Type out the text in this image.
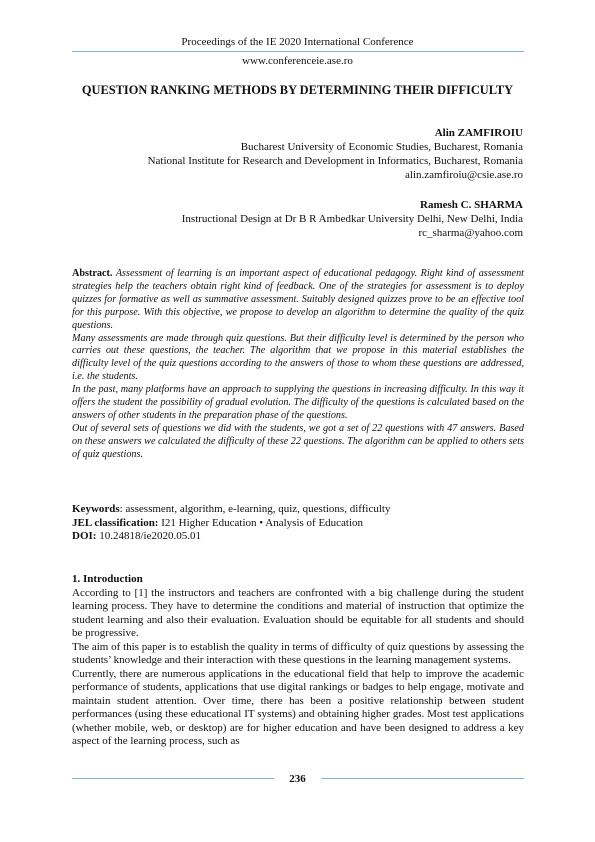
Proceedings of the IE 2020 International Conference
www.conferenceie.ase.ro
QUESTION RANKING METHODS BY DETERMINING THEIR DIFFICULTY
Alin ZAMFIROIU
Bucharest University of Economic Studies, Bucharest, Romania
National Institute for Research and Development in Informatics, Bucharest, Romania
alin.zamfiroiu@csie.ase.ro
Ramesh C. SHARMA
Instructional Design at Dr B R Ambedkar University Delhi, New Delhi, India
rc_sharma@yahoo.com

Abstract. Assessment of learning is an important aspect of educational pedagogy. Right kind of assessment strategies help the teachers obtain right kind of feedback. One of the strategies for assessment is to deploy quizzes for formative as well as summative assessment. Suitably designed quizzes prove to be an effective tool for this purpose. With this objective, we propose to develop an algorithm to determine the quality of the quiz questions.

Many assessments are made through quiz questions. But their difficulty level is determined by the person who carries out these questions, the teacher. The algorithm that we propose in this material establishes the difficulty level of the quiz questions according to the answers of those to whom these questions are addressed, i.e. the students.

In the past, many platforms have an approach to supplying the questions in increasing difficulty. In this way it offers the student the possibility of gradual evolution. The difficulty of the questions is calculated based on the answers of other students in the preparation phase of the questions.

Out of several sets of questions we did with the students, we got a set of 22 questions with 47 answers. Based on these answers we calculated the difficulty of these 22 questions. The algorithm can be applied to others sets of quiz questions.

Keywords: assessment, algorithm, e-learning, quiz, questions, difficulty
JEL classification: I21 Higher Education • Analysis of Education
DOI: 10.24818/ie2020.05.01

1. Introduction

According to [1] the instructors and teachers are confronted with a big challenge during the student learning process. They have to determine the conditions and material of instruction that optimize the student learning and also their evaluation. Evaluation should be equitable for all students and should be progressive.

The aim of this paper is to establish the quality in terms of difficulty of quiz questions by assessing the students’ knowledge and their interaction with these questions in the learning management systems.

Currently, there are numerous applications in the educational field that help to improve the academic performance of students, applications that use digital rankings or badges to help engage, motivate and maintain student attention. Over time, there has been a positive relationship between student performances (using these educational IT systems) and obtaining higher grades. Most test applications (whether mobile, web, or desktop) are for higher education and have been designed to address a key aspect of the learning process, such as

236
